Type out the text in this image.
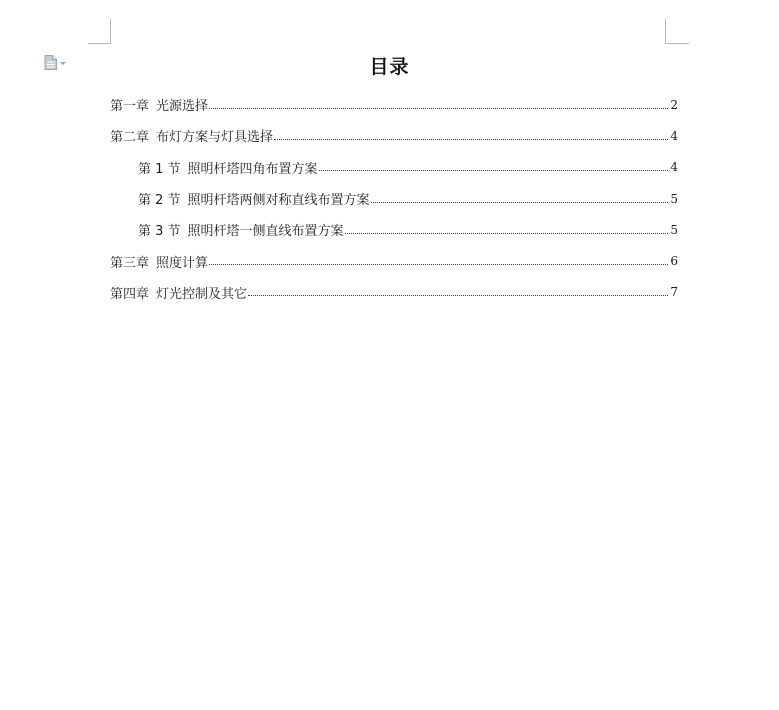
目录
第一章 光源选择	2
第二章 布灯方案与灯具选择	4
第 1 节 照明杆塔四角布置方案	4
第 2 节 照明杆塔两侧对称直线布置方案	5
第 3 节 照明杆塔一侧直线布置方案	5
第三章 照度计算	6
第四章 灯光控制及其它	7
